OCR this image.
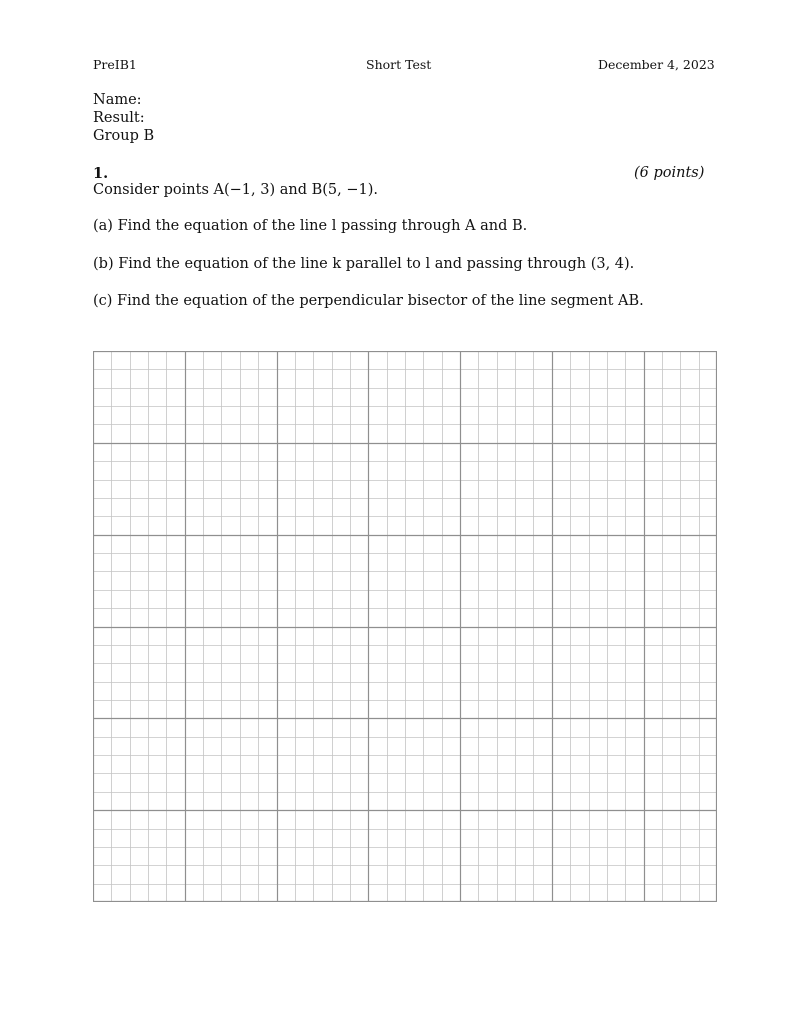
PreIB1	Short Test	December 4, 2023
Name:
Result:
Group B
1.	(6 points)
Consider points A(−1, 3) and B(5, −1).
(a) Find the equation of the line l passing through A and B.
(b) Find the equation of the line k parallel to l and passing through (3, 4).
(c) Find the equation of the perpendicular bisector of the line segment AB.
